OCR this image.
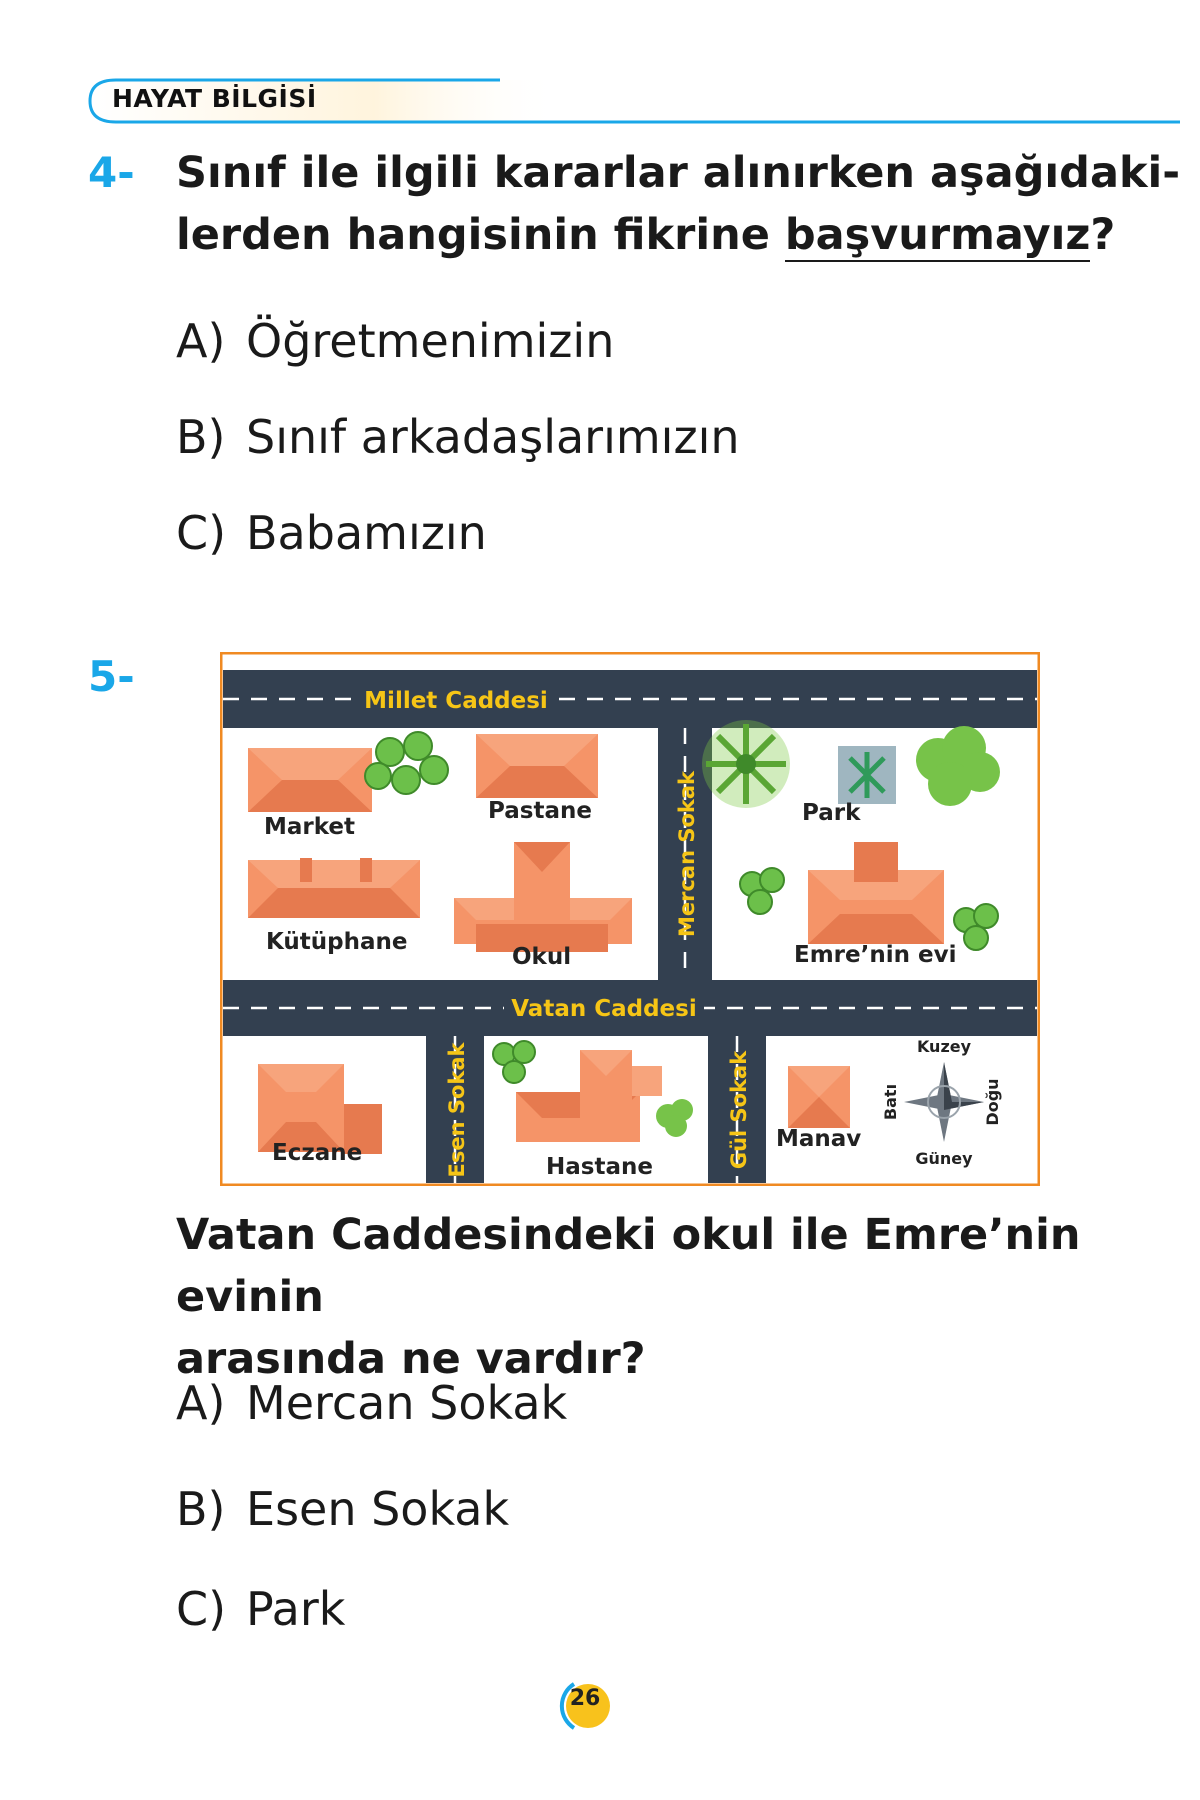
HAYAT BİLGİSİ
4- Sınıf ile ilgili kararlar alınırken aşağıdaki-
lerden hangisinin fikrine başvurmayız?
A) Öğretmenimizin
B) Sınıf arkadaşlarımızın
C) Babamızın
5-	Millet Caddesi
Vatan Caddesi
Mercan Sokak
Esen Sokak	Gül Sokak
Market
Pastane
Kütüphane
Okul
Park
Emre’nin evi
Eczane
Hastane
Manav
Kuzey
Güney
Batı	Doğu
Vatan Caddesindeki okul ile Emre’nin evinin
arasında ne vardır?
A) Mercan Sokak
B) Esen Sokak
C) Park
26
